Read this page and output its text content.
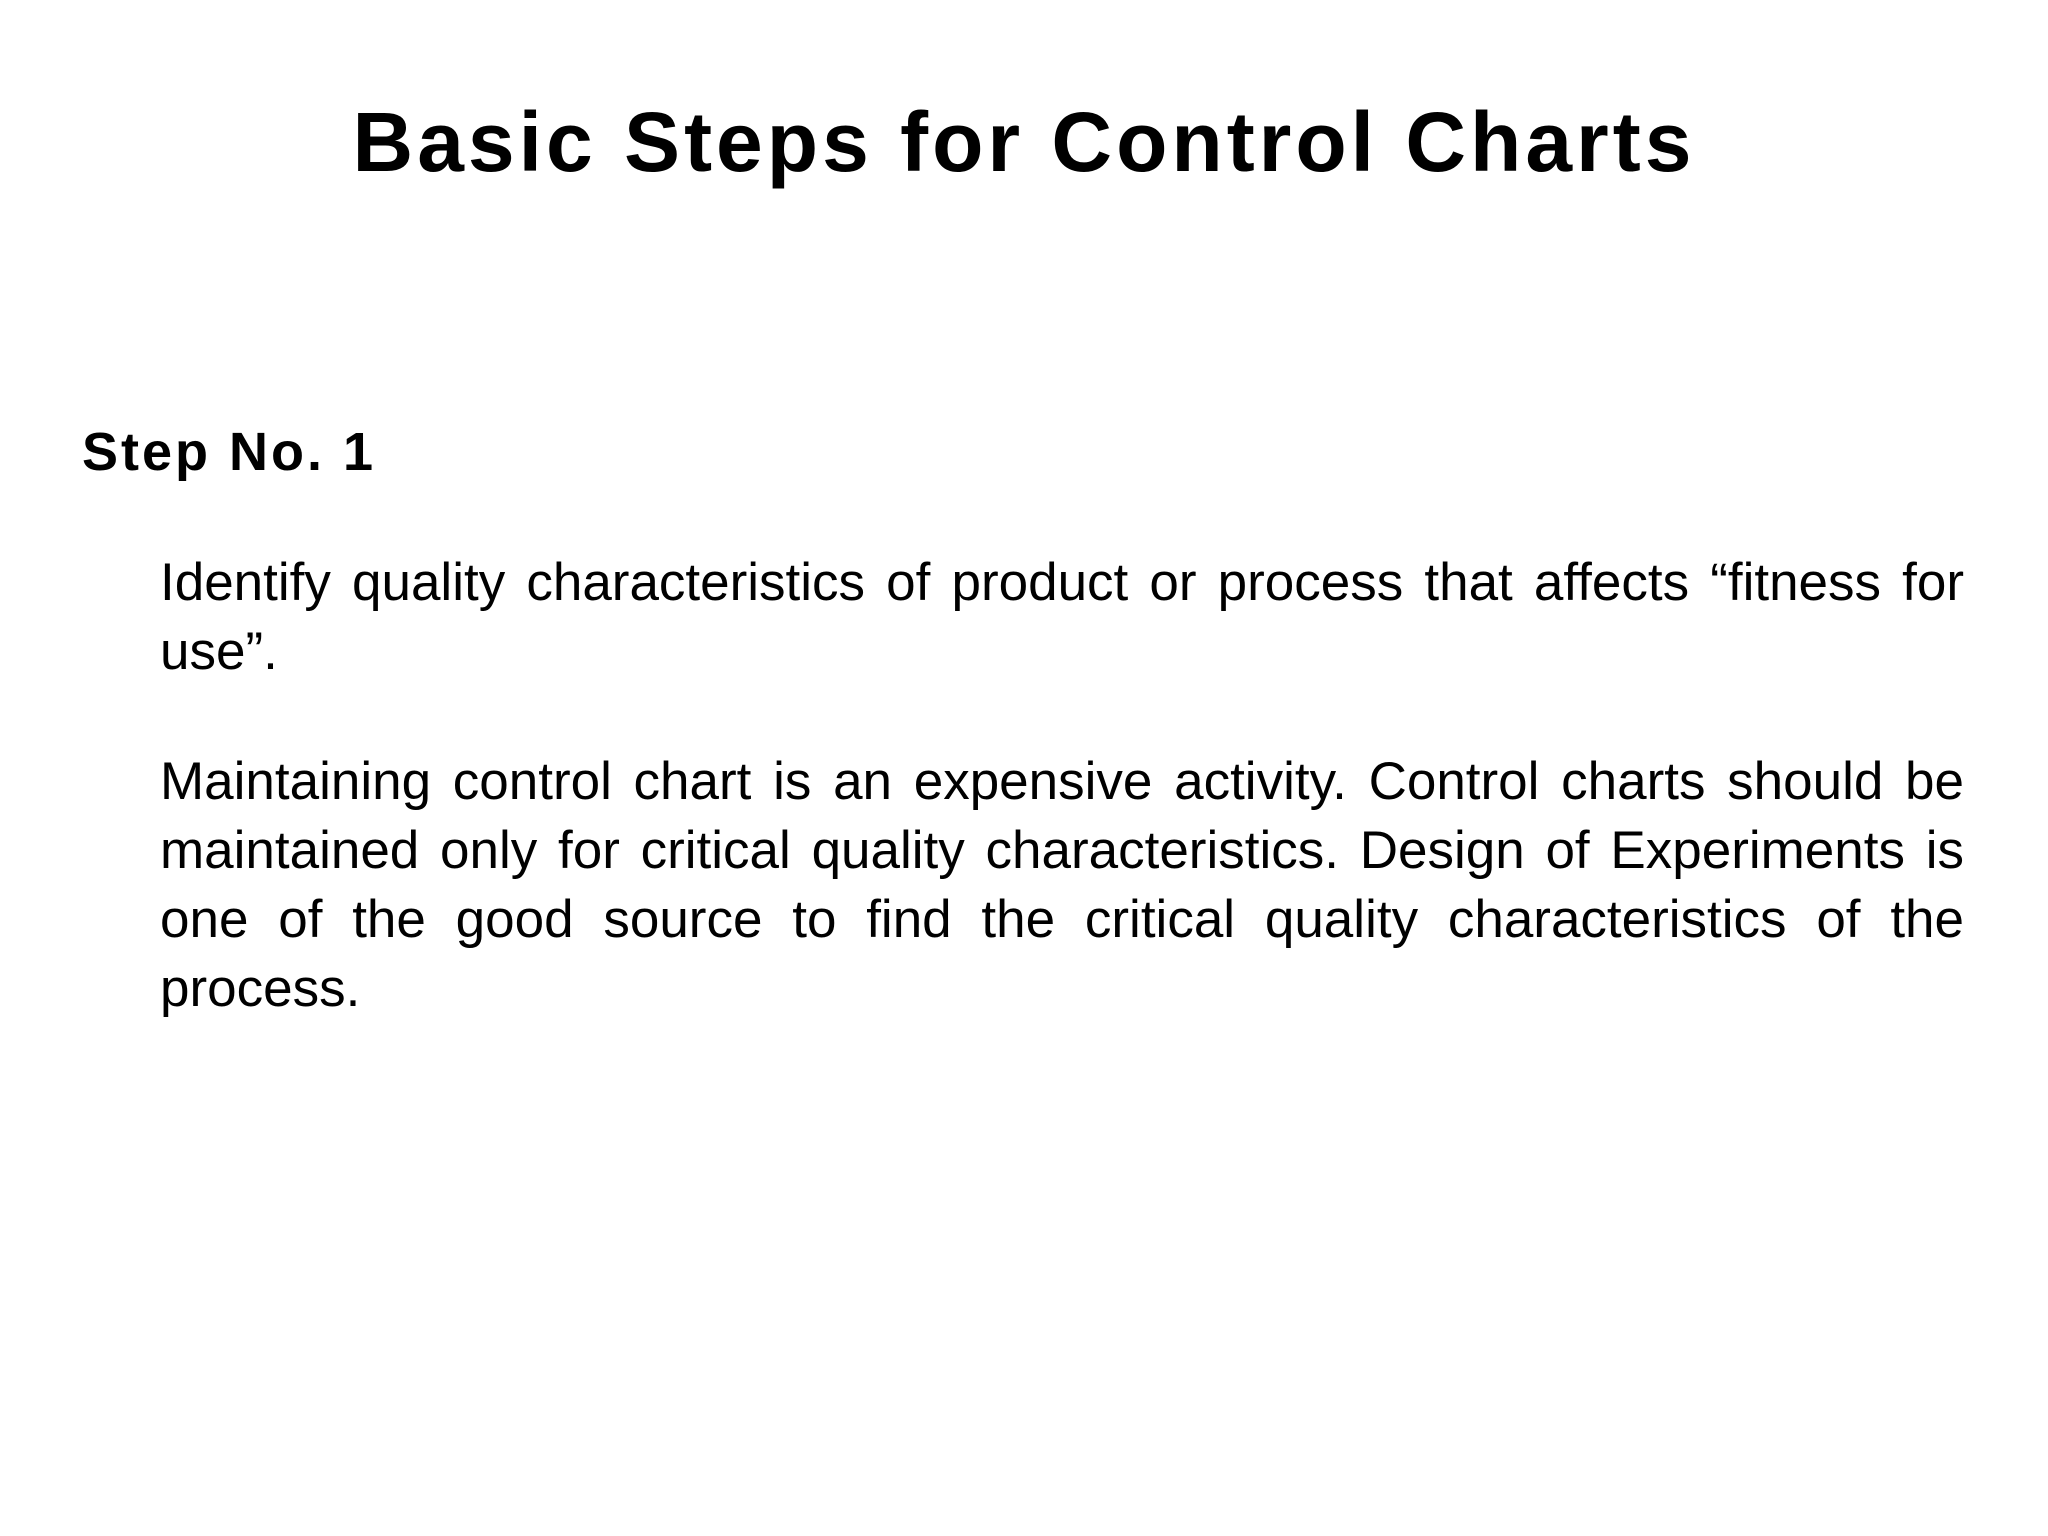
Basic Steps for Control Charts
Step No. 1

Identify quality characteristics of product or process that affects “fitness for use”.

Maintaining control chart is an expensive activity. Control charts should be maintained only for critical quality characteristics. Design of Experiments is one of the good source to find the critical quality characteristics of the process.
